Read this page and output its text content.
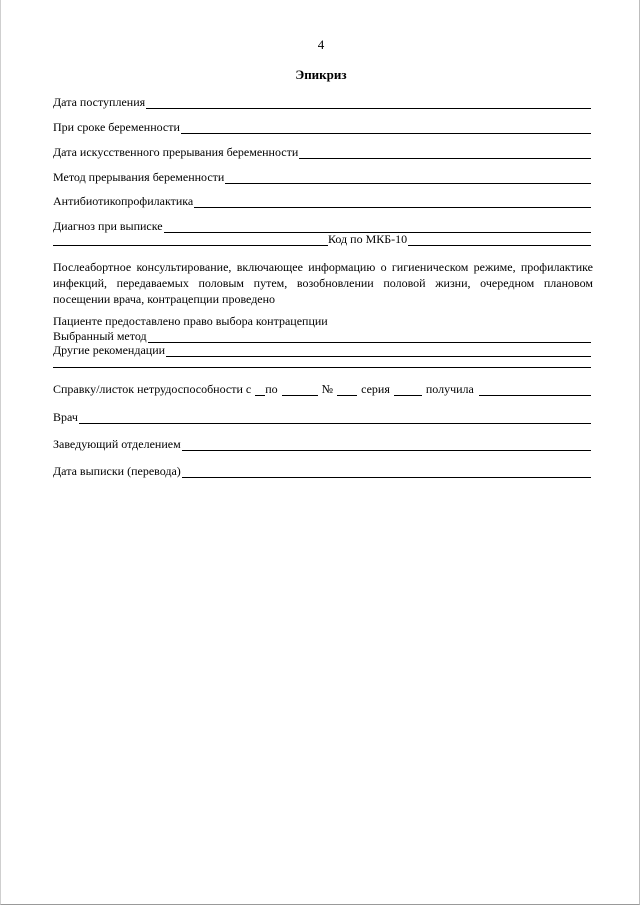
4
Эпикриз
Дата поступления
При сроке беременности
Дата искусственного прерывания беременности
Метод прерывания беременности
Антибиотикопрофилактика
Диагноз при выписке
Код по МКБ-10
Послеабортное консультирование, включающее информацию о гигиеническом режиме, профилактике инфекций, передаваемых половым путем, возобновлении половой жизни, очередном плановом посещении врача, контрацепции проведено
Пациенте предоставлено право выбора контрацепции
Выбранный метод
Другие рекомендации
Справку/листок нетрудоспособности с по	№ серия	получила
Врач
Заведующий отделением
Дата выписки (перевода)
